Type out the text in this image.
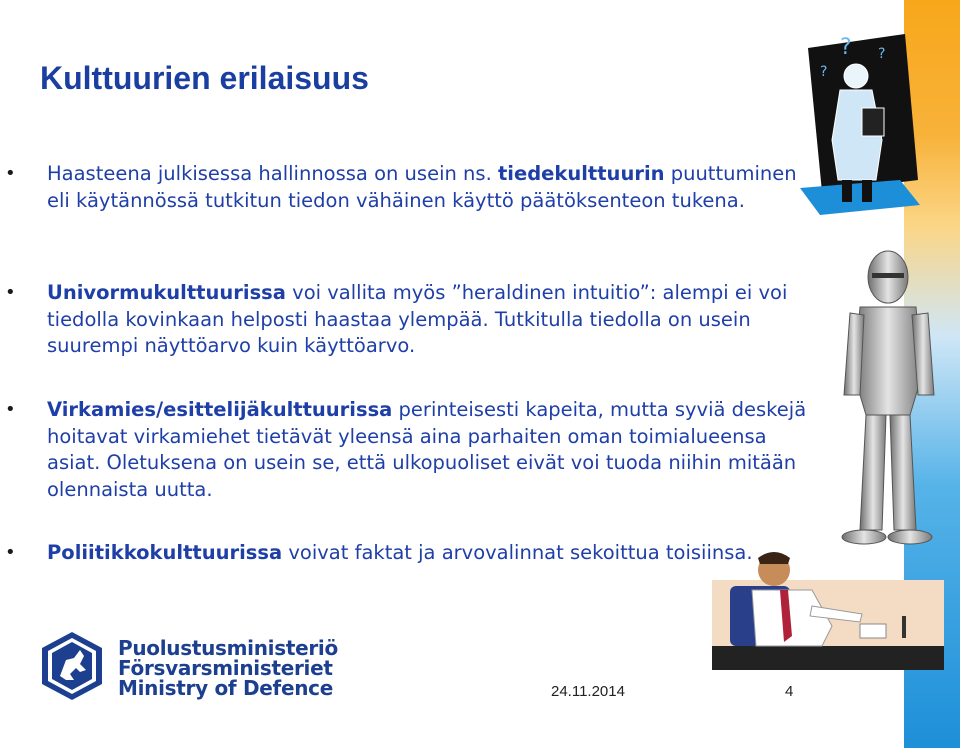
Kulttuurien erilaisuus

• Haasteena julkisessa hallinnossa on usein ns. tiedekulttuurin puuttuminen eli käytännössä tutkitun tiedon vähäinen käyttö päätöksenteon tukena.

• Univormukulttuurissa voi vallita myös ”heraldinen intuitio”: alempi ei voi tiedolla kovinkaan helposti haastaa ylempää. Tutkitulla tiedolla on usein suurempi näyttöarvo kuin käyttöarvo.

• Virkamies/esittelijäkulttuurissa perinteisesti kapeita, mutta syviä deskejä hoitavat virkamiehet tietävät yleensä aina parhaiten oman toimialueensa asiat. Oletuksena on usein se, että ulkopuoliset eivät voi tuoda niihin mitään olennaista uutta.

• Poliitikkokulttuurissa voivat faktat ja arvovalinnat sekoittua toisiinsa.

?
?
?
Puolustusministeriö
Försvarsministeriet
Ministry of Defence	24.11.2014	4
